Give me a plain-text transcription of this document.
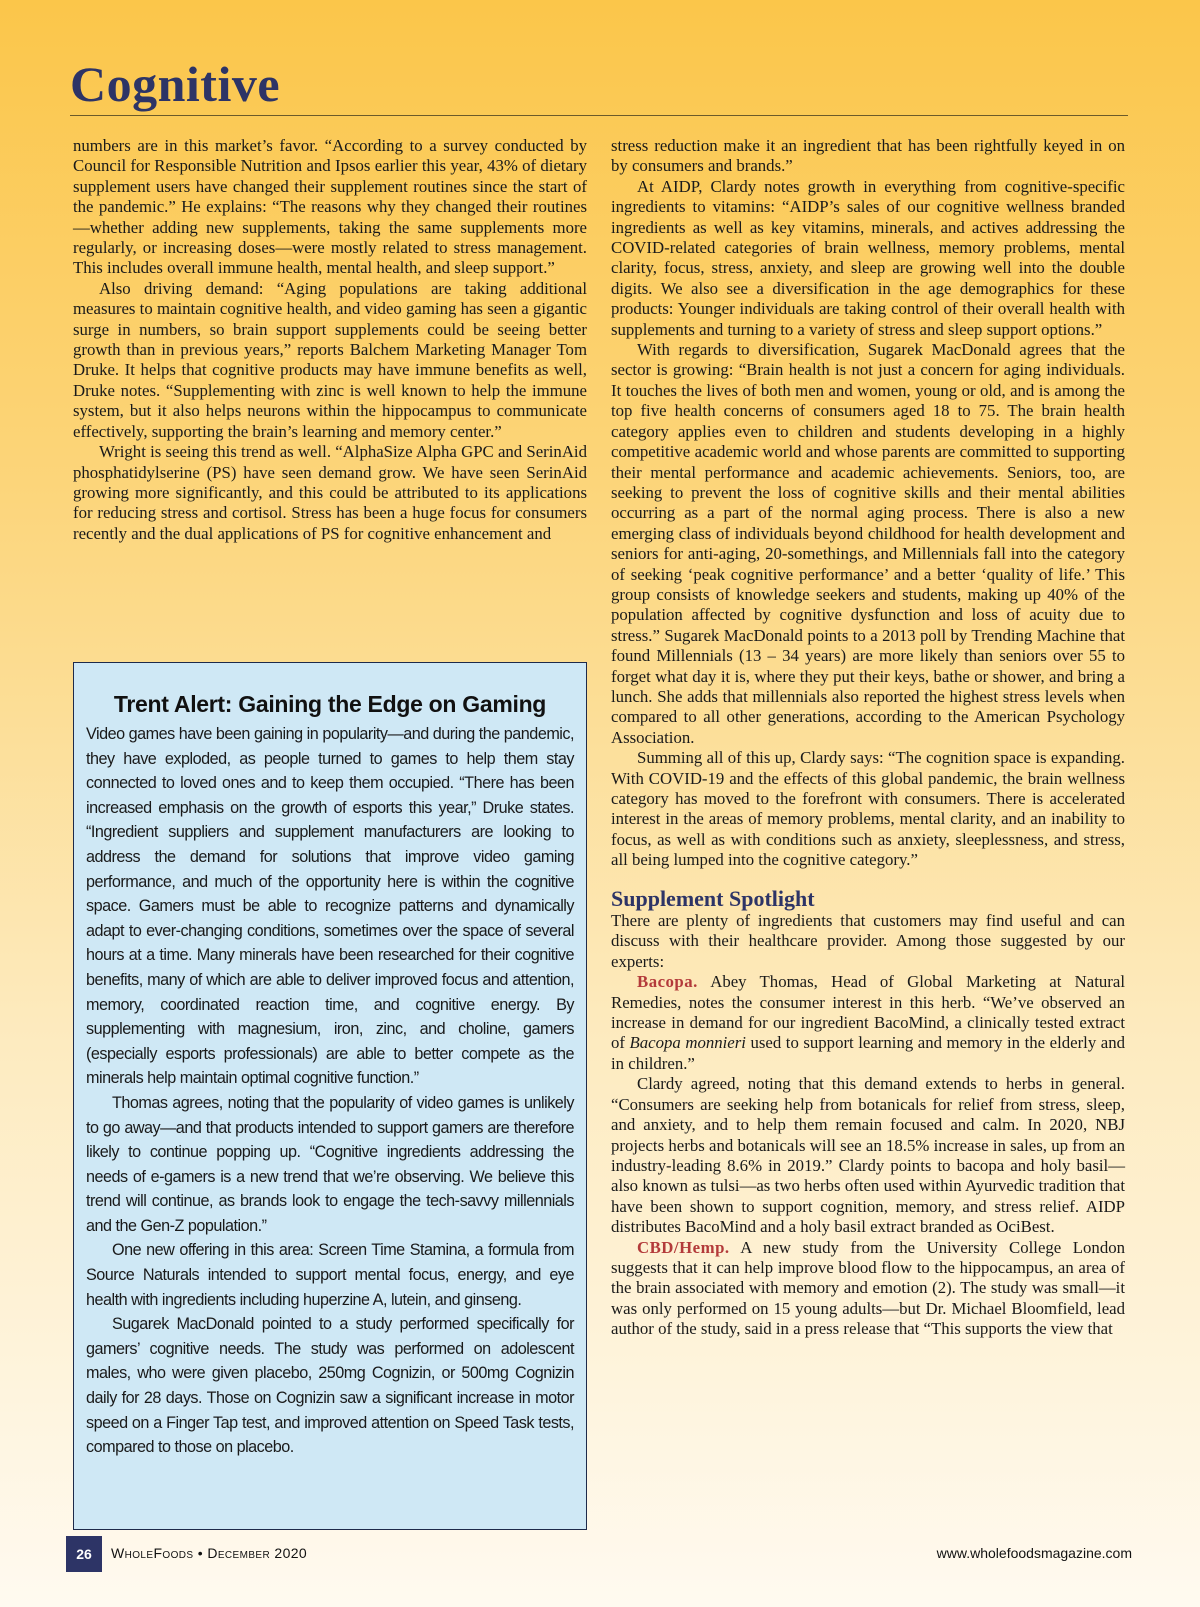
Cognitive

numbers are in this market’s favor. “According to a survey conducted by Council for Responsible Nutrition and Ipsos earlier this year, 43% of dietary supplement users have changed their supplement routines since the start of the pandemic.” He explains: “The reasons why they changed their routines—whether adding new supplements, taking the same supplements more regularly, or increasing doses—were mostly related to stress management. This includes overall immune health, mental health, and sleep support.”

Also driving demand: “Aging populations are taking additional measures to maintain cognitive health, and video gaming has seen a gigantic surge in numbers, so brain support supplements could be seeing better growth than in previous years,” reports Balchem Marketing Manager Tom Druke. It helps that cognitive products may have immune benefits as well, Druke notes. “Supplementing with zinc is well known to help the immune system, but it also helps neurons within the hippocampus to communicate effectively, supporting the brain’s learning and memory center.”

Wright is seeing this trend as well. “AlphaSize Alpha GPC and SerinAid phosphatidylserine (PS) have seen demand grow. We have seen SerinAid growing more significantly, and this could be attributed to its applications for reducing stress and cortisol. Stress has been a huge focus for consumers recently and the dual applications of PS for cognitive enhancement and

Trent Alert: Gaining the Edge on Gaming

Video games have been gaining in popularity—and during the pandemic, they have exploded, as people turned to games to help them stay connected to loved ones and to keep them occupied. “There has been increased emphasis on the growth of esports this year,” Druke states. “Ingredient suppliers and supplement manufacturers are looking to address the demand for solutions that improve video gaming performance, and much of the opportunity here is within the cognitive space. Gamers must be able to recognize patterns and dynamically adapt to ever-changing conditions, sometimes over the space of several hours at a time. Many minerals have been researched for their cognitive benefits, many of which are able to deliver improved focus and attention, memory, coordinated reaction time, and cognitive energy. By supplementing with magnesium, iron, zinc, and choline, gamers (especially esports professionals) are able to better compete as the minerals help maintain optimal cognitive function.”

Thomas agrees, noting that the popularity of video games is unlikely to go away—and that products intended to support gamers are therefore likely to continue popping up. “Cognitive ingredients addressing the needs of e-gamers is a new trend that we’re observing. We believe this trend will continue, as brands look to engage the tech-savvy millennials and the Gen-Z population.”

One new offering in this area: Screen Time Stamina, a formula from Source Naturals intended to support mental focus, energy, and eye health with ingredients including huperzine A, lutein, and ginseng.

Sugarek MacDonald pointed to a study performed specifically for gamers’ cognitive needs. The study was performed on adolescent males, who were given placebo, 250mg Cognizin, or 500mg Cognizin daily for 28 days. Those on Cognizin saw a significant increase in motor speed on a Finger Tap test, and improved attention on Speed Task tests, compared to those on placebo.

stress reduction make it an ingredient that has been rightfully keyed in on by consumers and brands.”

At AIDP, Clardy notes growth in everything from cognitive-specific ingredients to vitamins: “AIDP’s sales of our cognitive wellness branded ingredients as well as key vitamins, minerals, and actives addressing the COVID-related categories of brain wellness, memory problems, mental clarity, focus, stress, anxiety, and sleep are growing well into the double digits. We also see a diversification in the age demographics for these products: Younger individuals are taking control of their overall health with supplements and turning to a variety of stress and sleep support options.”

With regards to diversification, Sugarek MacDonald agrees that the sector is growing: “Brain health is not just a concern for aging individuals. It touches the lives of both men and women, young or old, and is among the top five health concerns of consumers aged 18 to 75. The brain health category applies even to children and students developing in a highly competitive academic world and whose parents are committed to supporting their mental performance and academic achievements. Seniors, too, are seeking to prevent the loss of cognitive skills and their mental abilities occurring as a part of the normal aging process. There is also a new emerging class of individuals beyond childhood for health development and seniors for anti-aging, 20-somethings, and Millennials fall into the category of seeking ‘peak cognitive performance’ and a better ‘quality of life.’ This group consists of knowledge seekers and students, making up 40% of the population affected by cognitive dysfunction and loss of acuity due to stress.” Sugarek MacDonald points to a 2013 poll by Trending Machine that found Millennials (13 – 34 years) are more likely than seniors over 55 to forget what day it is, where they put their keys, bathe or shower, and bring a lunch. She adds that millennials also reported the highest stress levels when compared to all other generations, according to the American Psychology Association.

Summing all of this up, Clardy says: “The cognition space is expanding. With COVID-19 and the effects of this global pandemic, the brain wellness category has moved to the forefront with consumers. There is accelerated interest in the areas of memory problems, mental clarity, and an inability to focus, as well as with conditions such as anxiety, sleeplessness, and stress, all being lumped into the cognitive category.”

Supplement Spotlight

There are plenty of ingredients that customers may find useful and can discuss with their healthcare provider. Among those suggested by our experts:

Bacopa. Abey Thomas, Head of Global Marketing at Natural Remedies, notes the consumer interest in this herb. “We’ve observed an increase in demand for our ingredient BacoMind, a clinically tested extract of Bacopa monnieri used to support learning and memory in the elderly and in children.”

Clardy agreed, noting that this demand extends to herbs in general. “Consumers are seeking help from botanicals for relief from stress, sleep, and anxiety, and to help them remain focused and calm. In 2020, NBJ projects herbs and botanicals will see an 18.5% increase in sales, up from an industry-leading 8.6% in 2019.” Clardy points to bacopa and holy basil—also known as tulsi—as two herbs often used within Ayurvedic tradition that have been shown to support cognition, memory, and stress relief. AIDP distributes BacoMind and a holy basil extract branded as OciBest.

CBD/Hemp. A new study from the University College London suggests that it can help improve blood flow to the hippocampus, an area of the brain associated with memory and emotion (2). The study was small—it was only performed on 15 young adults—but Dr. Michael Bloomfield, lead author of the study, said in a press release that “This supports the view that

26	WholeFoods • December 2020	www.wholefoodsmagazine.com
